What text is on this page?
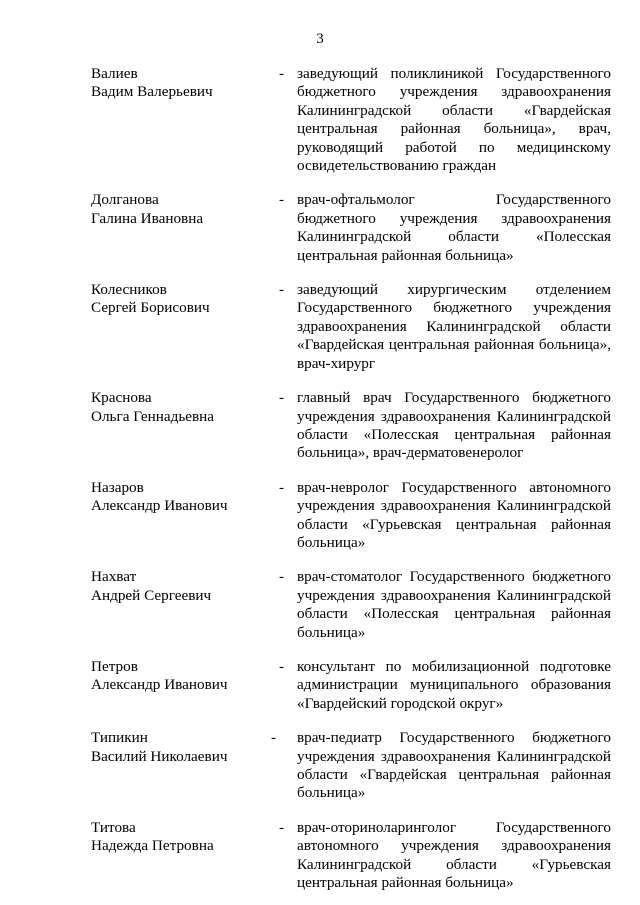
3
Валиев
Вадим Валерьевич
- заведующий поликлиникой Государственного бюджетного учреждения здравоохранения Калининградской области «Гвардейская центральная районная больница», врач, руководящий работой по медицинскому освидетельствованию граждан
Долганова
Галина Ивановна
- врач-офтальмолог Государственного бюджетного учреждения здравоохранения Калининградской области «Полесская центральная районная больница»
Колесников
Сергей Борисович
- заведующий хирургическим отделением Государственного бюджетного учреждения здравоохранения Калининградской области «Гвардейская центральная районная больница», врач-хирург
Краснова
Ольга Геннадьевна
- главный врач Государственного бюджетного учреждения здравоохранения Калининградской области «Полесская центральная районная больница», врач-дерматовенеролог
Назаров
Александр Иванович
- врач-невролог Государственного автономного учреждения здравоохранения Калининградской области «Гурьевская центральная районная больница»
Нахват
Андрей Сергеевич
- врач-стоматолог Государственного бюджетного учреждения здравоохранения Калининградской области «Полесская центральная районная больница»
Петров
Александр Иванович
- консультант по мобилизационной подготовке администрации муниципального образования «Гвардейский городской округ»
Типикин
Василий Николаевич
-	врач-педиатр Государственного бюджетного учреждения здравоохранения Калининградской области «Гвардейская центральная районная больница»
Титова
Надежда Петровна
- врач-оториноларинголог Государственного автономного учреждения здравоохранения Калининградской области «Гурьевская центральная районная больница»
